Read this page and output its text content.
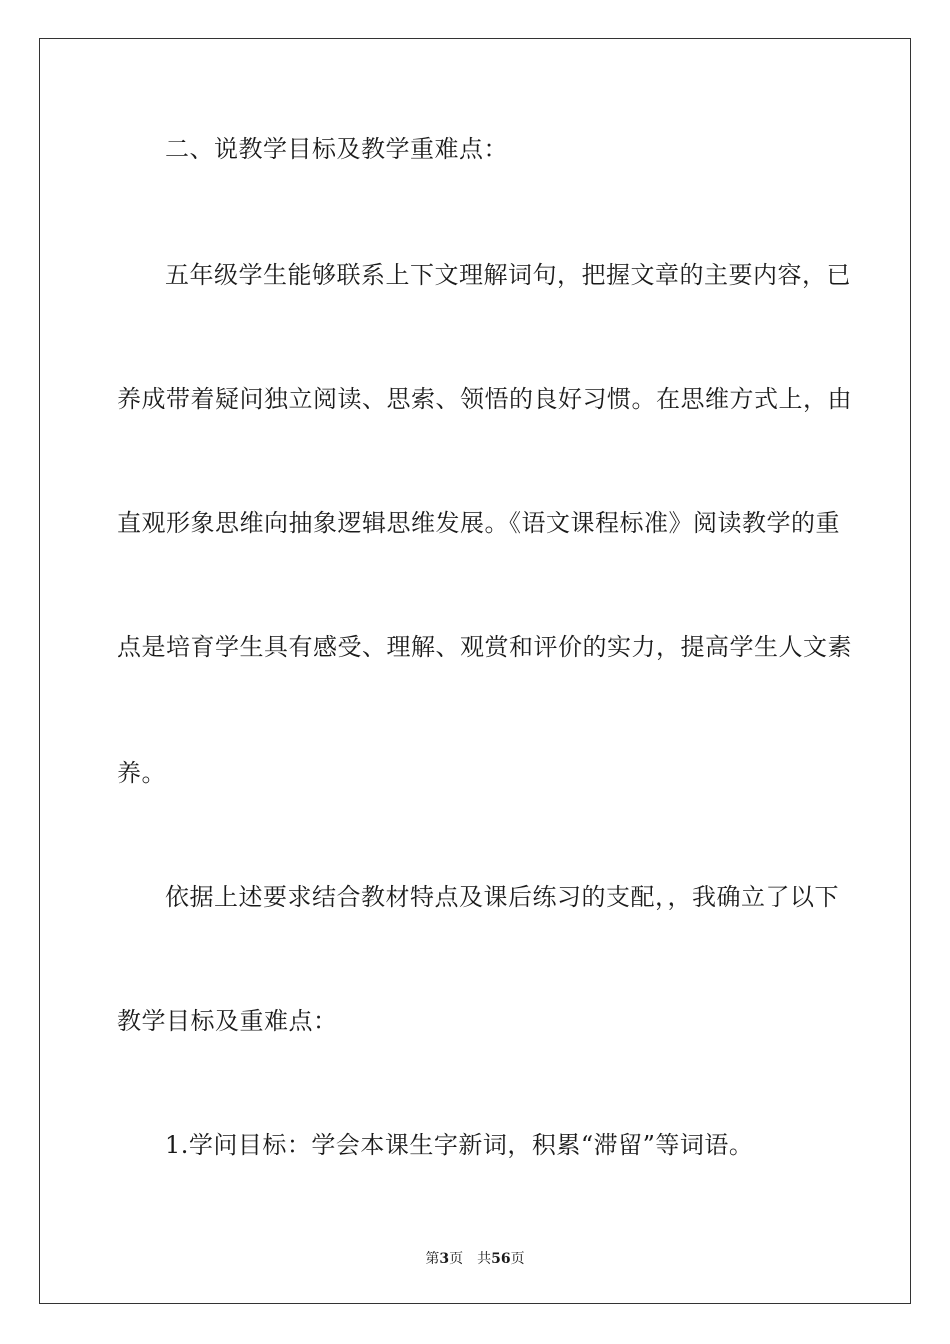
二、说教学目标及教学重难点：
五年级学生能够联系上下文理解词句，把握文章的主要内容，已
养成带着疑问独立阅读、思索、领悟的良好习惯。在思维方式上，由
直观形象思维向抽象逻辑思维发展。《语文课程标准》阅读教学的重
点是培育学生具有感受、理解、观赏和评价的实力，提高学生人文素
养。
依据上述要求结合教材特点及课后练习的支配，，我确立了以下
教学目标及重难点：
1.学问目标：学会本课生字新词，积累“滞留”等词语。
第3页 共56页
